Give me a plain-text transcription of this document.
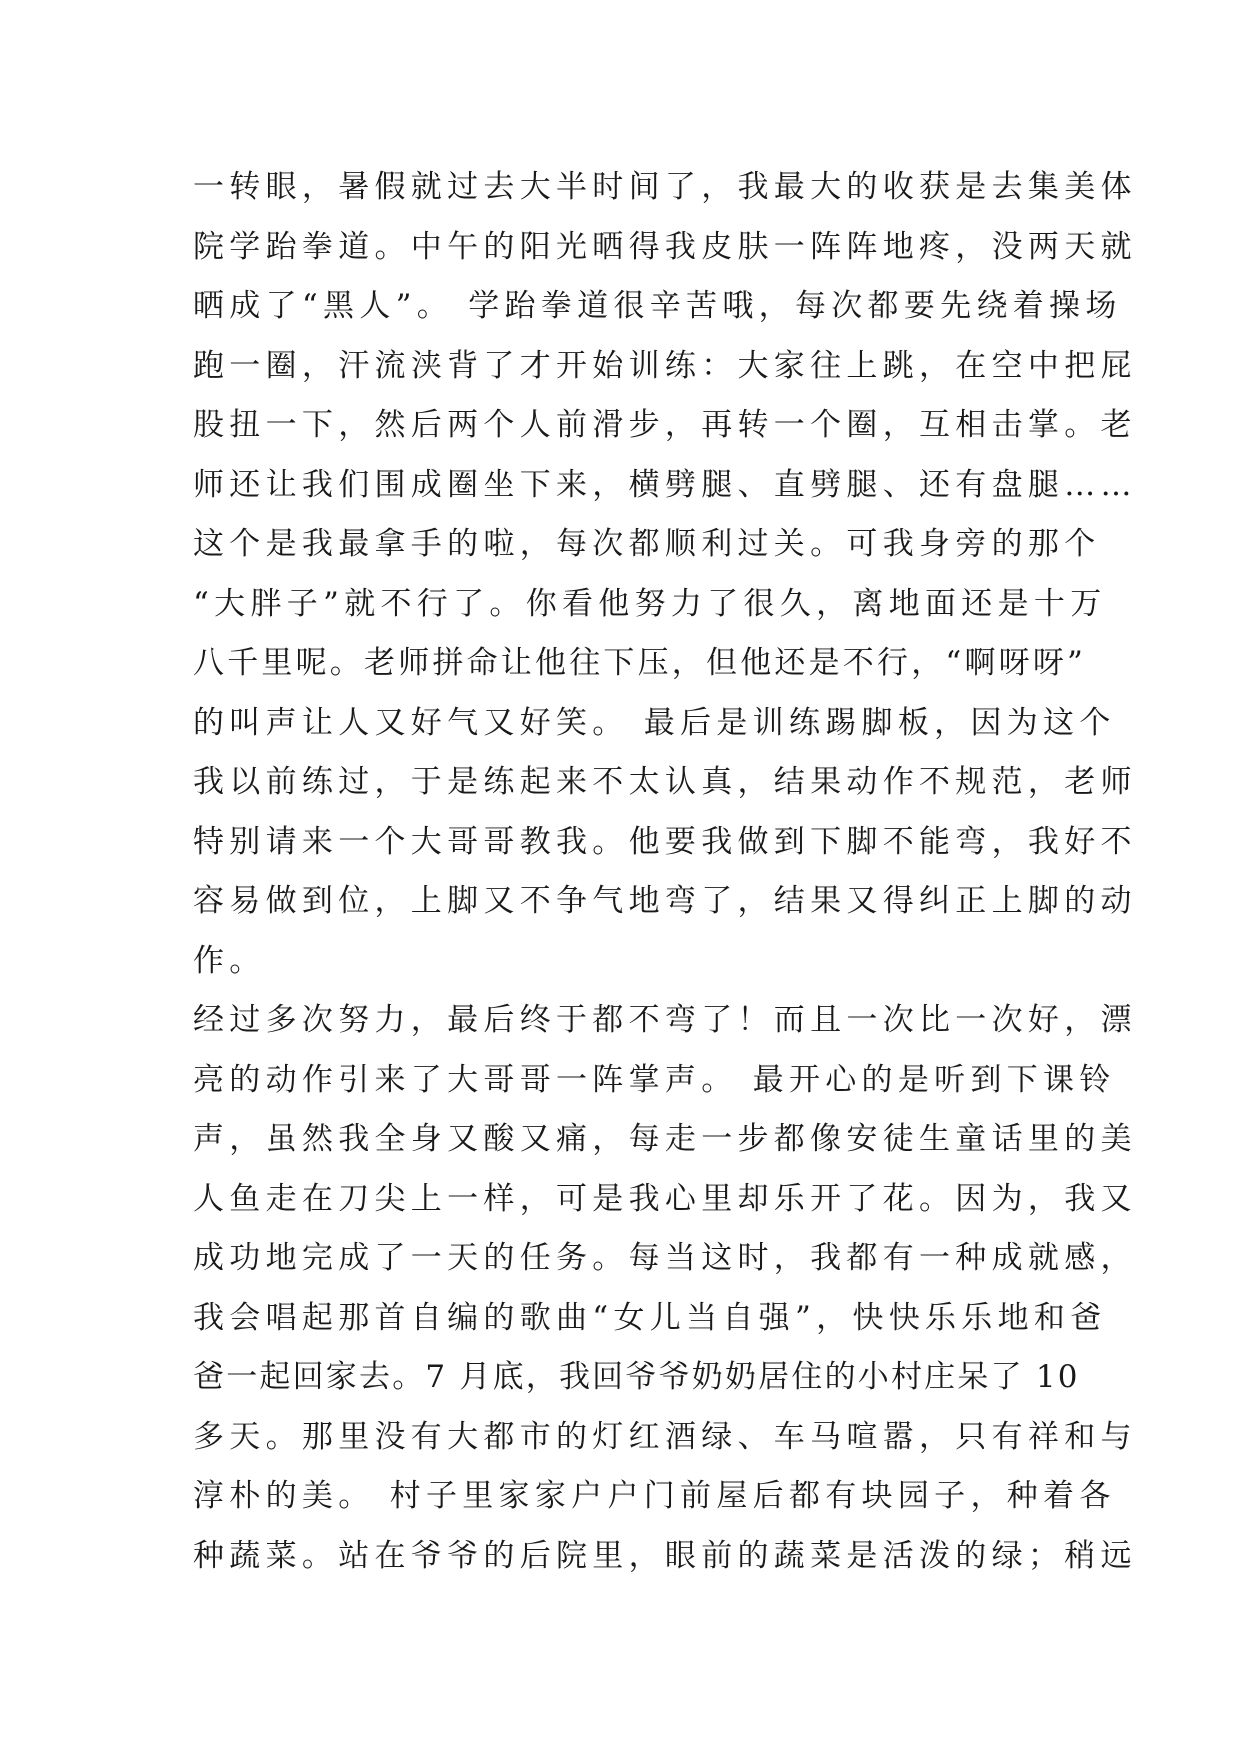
一转眼，暑假就过去大半时间了，我最大的收获是去集美体
院学跆拳道。中午的阳光晒得我皮肤一阵阵地疼，没两天就
晒成了“黑人”。 学跆拳道很辛苦哦，每次都要先绕着操场
跑一圈，汗流浃背了才开始训练：大家往上跳，在空中把屁
股扭一下，然后两个人前滑步，再转一个圈，互相击掌。老
师还让我们围成圈坐下来，横劈腿、直劈腿、还有盘腿……
这个是我最拿手的啦，每次都顺利过关。可我身旁的那个
“大胖子”就不行了。你看他努力了很久，离地面还是十万
八千里呢。老师拼命让他往下压，但他还是不行，“啊呀呀”
的叫声让人又好气又好笑。 最后是训练踢脚板，因为这个
我以前练过，于是练起来不太认真，结果动作不规范，老师
特别请来一个大哥哥教我。他要我做到下脚不能弯，我好不
容易做到位，上脚又不争气地弯了，结果又得纠正上脚的动
作。
经过多次努力，最后终于都不弯了！而且一次比一次好，漂
亮的动作引来了大哥哥一阵掌声。 最开心的是听到下课铃
声，虽然我全身又酸又痛，每走一步都像安徒生童话里的美
人鱼走在刀尖上一样，可是我心里却乐开了花。因为，我又
成功地完成了一天的任务。每当这时，我都有一种成就感，
我会唱起那首自编的歌曲“女儿当自强”，快快乐乐地和爸
爸一起回家去。7 月底，我回爷爷奶奶居住的小村庄呆了 10
多天。那里没有大都市的灯红酒绿、车马喧嚣，只有祥和与
淳朴的美。 村子里家家户户门前屋后都有块园子，种着各
种蔬菜。站在爷爷的后院里，眼前的蔬菜是活泼的绿；稍远
